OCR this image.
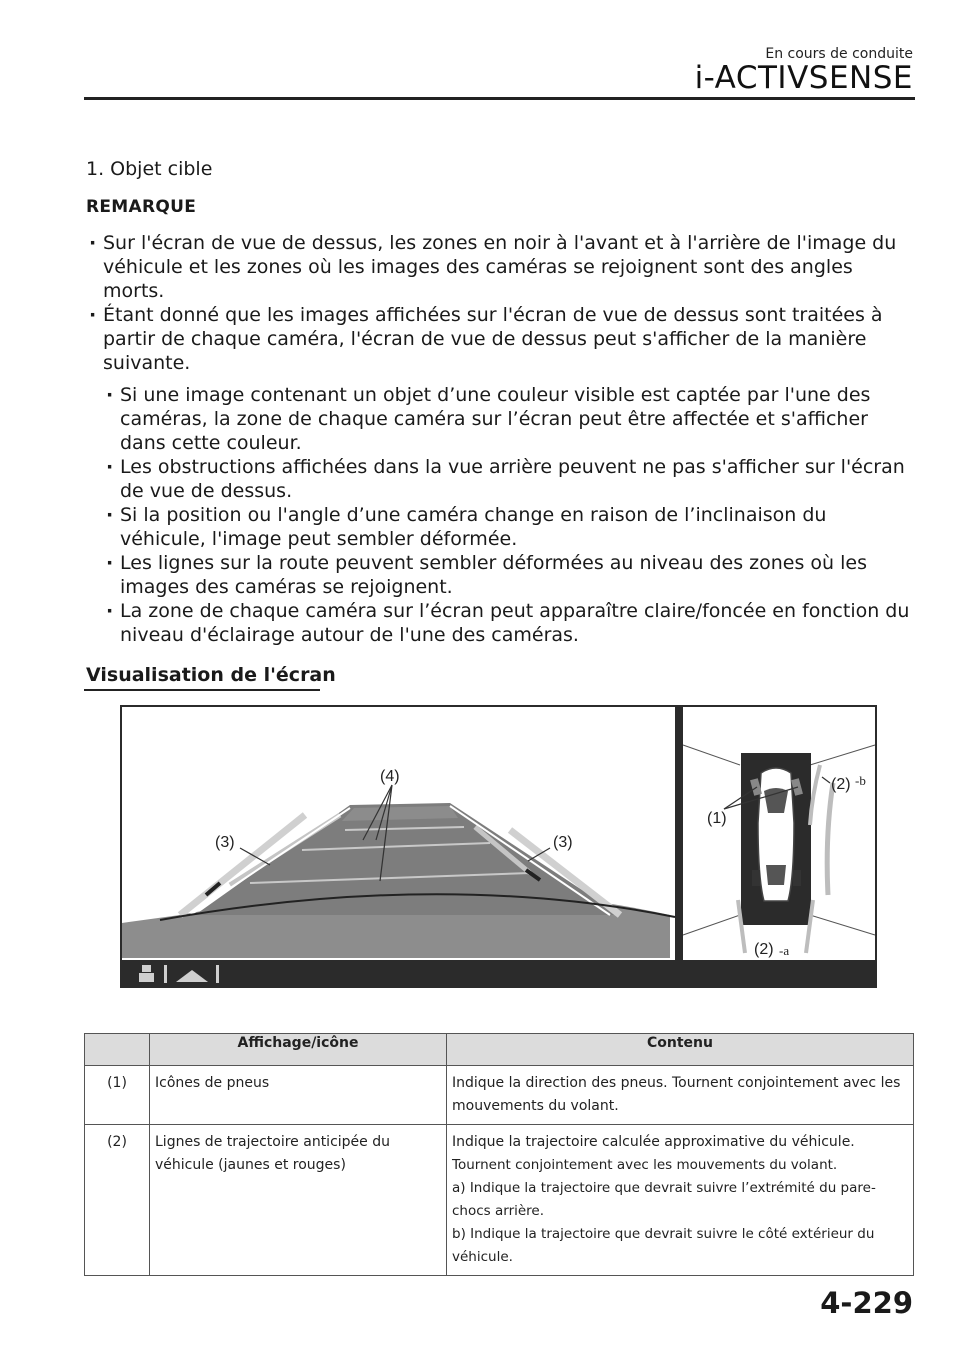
En cours de conduite
i-ACTIVSENSE
1. Objet cible
REMARQUE
· Sur l'écran de vue de dessus, les zones en noir à l'avant et à l'arrière de l'image du véhicule et les zones où les images des caméras se rejoignent sont des angles morts.
· Étant donné que les images affichées sur l'écran de vue de dessus sont traitées à partir de chaque caméra, l'écran de vue de dessus peut s'afficher de la manière suivante.
· Si une image contenant un objet d’une couleur visible est captée par l'une des caméras, la zone de chaque caméra sur l’écran peut être affectée et s'afficher dans cette couleur.
· Les obstructions affichées dans la vue arrière peuvent ne pas s'afficher sur l'écran de vue de dessus.
· Si la position ou l'angle d’une caméra change en raison de l’inclinaison du véhicule, l'image peut sembler déformée.
· Les lignes sur la route peuvent sembler déformées au niveau des zones où les images des caméras se rejoignent.
· La zone de chaque caméra sur l’écran peut apparaître claire/foncée en fonction du niveau d'éclairage autour de l'une des caméras.
Visualisation de l'écran
(4)
(3)	(3)
(1)
(2) -b
(2) -a
	Affichage/icône	Contenu
(1)	Icônes de pneus	Indique la direction des pneus. Tournent conjointement avec les mouvements du volant.
(2)	Lignes de trajectoire anticipée du véhicule (jaunes et rouges)	Indique la trajectoire calculée approximative du véhicule.
Tournent conjointement avec les mouvements du volant.
a) Indique la trajectoire que devrait suivre l’extrémité du pare-chocs arrière.
b) Indique la trajectoire que devrait suivre le côté extérieur du véhicule.
4-229
